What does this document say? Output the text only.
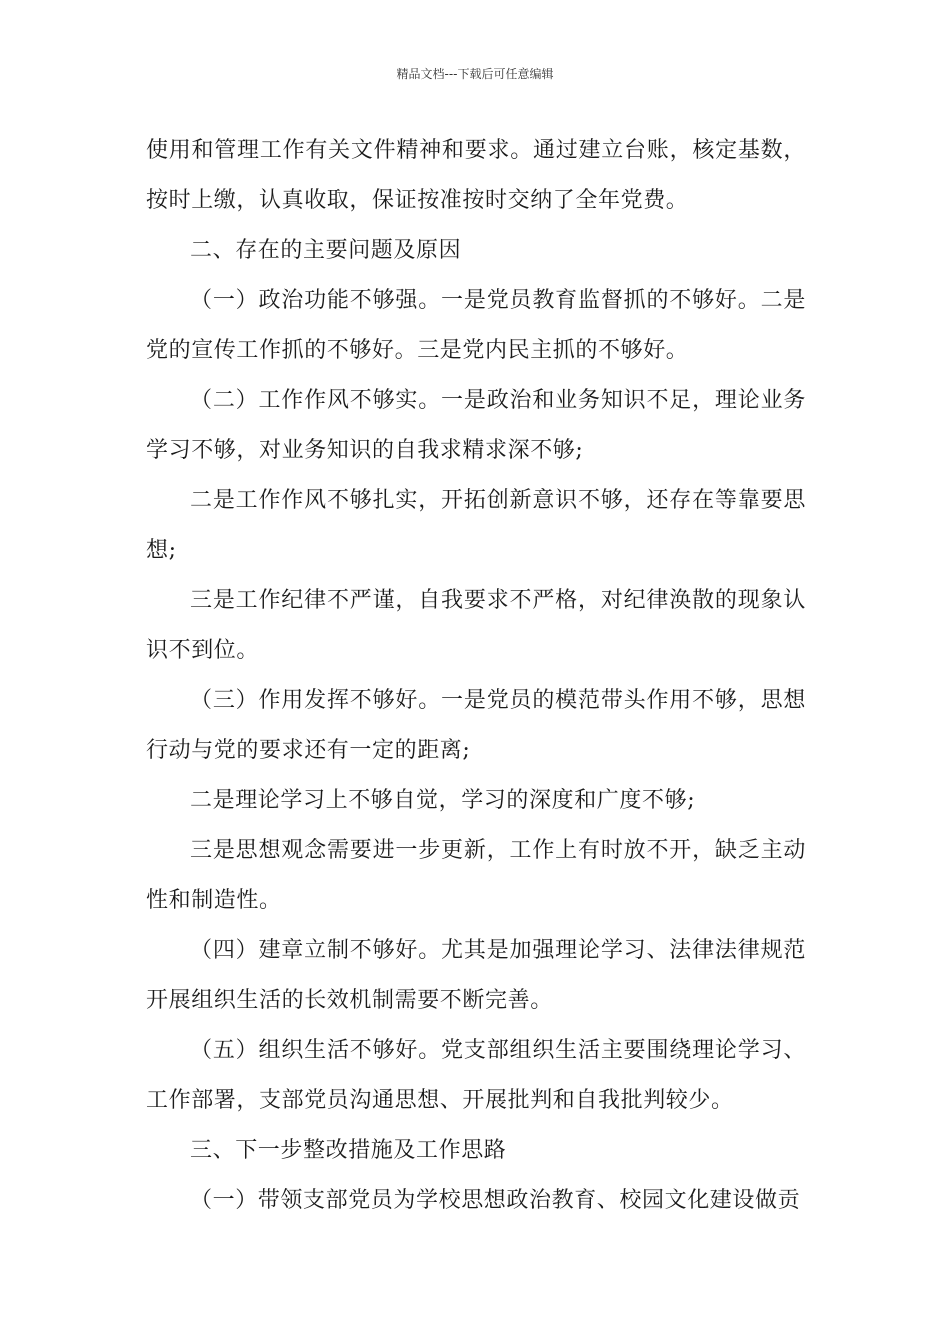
精品文档---下载后可任意编辑

使用和管理工作有关文件精神和要求。通过建立台账，核定基数，按时上缴，认真收取，保证按准按时交纳了全年党费。

二、存在的主要问题及原因

（一）政治功能不够强。一是党员教育监督抓的不够好。二是党的宣传工作抓的不够好。三是党内民主抓的不够好。

（二）工作作风不够实。一是政治和业务知识不足，理论业务学习不够，对业务知识的自我求精求深不够;

二是工作作风不够扎实，开拓创新意识不够，还存在等靠要思想;

三是工作纪律不严谨，自我要求不严格，对纪律涣散的现象认识不到位。

（三）作用发挥不够好。一是党员的模范带头作用不够，思想行动与党的要求还有一定的距离;

二是理论学习上不够自觉，学习的深度和广度不够;

三是思想观念需要进一步更新，工作上有时放不开，缺乏主动性和制造性。

（四）建章立制不够好。尤其是加强理论学习、法律法律规范开展组织生活的长效机制需要不断完善。

（五）组织生活不够好。党支部组织生活主要围绕理论学习、工作部署，支部党员沟通思想、开展批判和自我批判较少。

三、下一步整改措施及工作思路

（一）带领支部党员为学校思想政治教育、校园文化建设做贡
